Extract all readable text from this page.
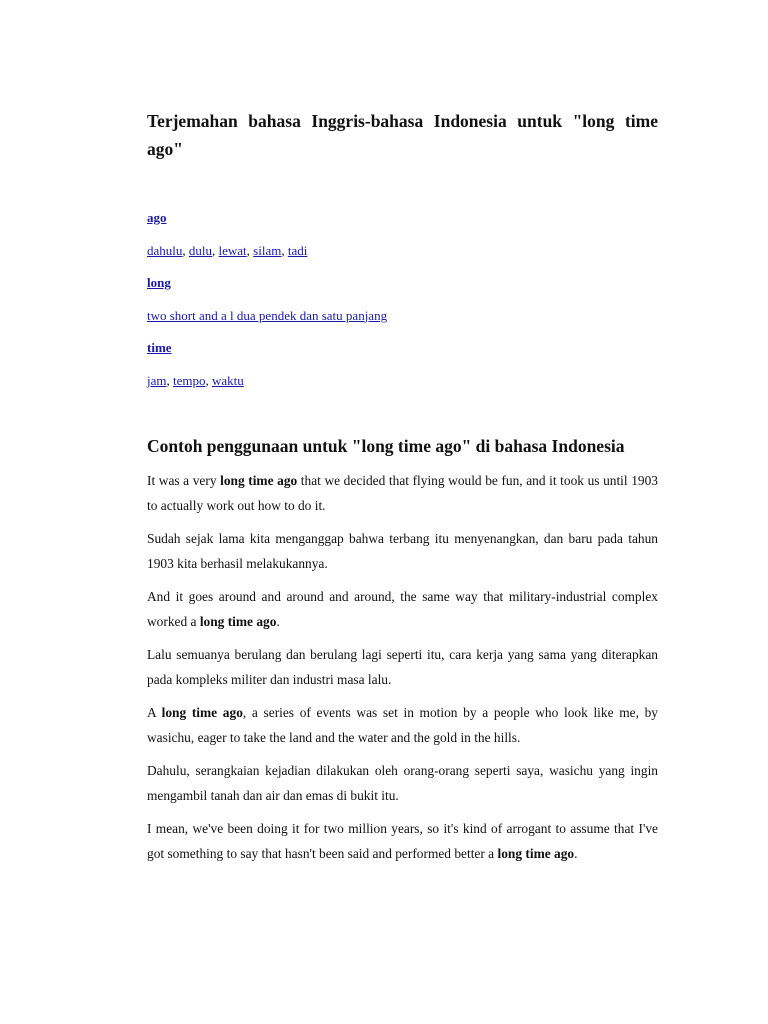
Terjemahan bahasa Inggris-bahasa Indonesia untuk "long time ago"
ago
dahulu, dulu, lewat, silam, tadi
long
two short and a l dua pendek dan satu panjang
time
jam, tempo, waktu
Contoh penggunaan untuk "long time ago" di bahasa Indonesia

It was a very long time ago that we decided that flying would be fun, and it took us until 1903 to actually work out how to do it.

Sudah sejak lama kita menganggap bahwa terbang itu menyenangkan, dan baru pada tahun 1903 kita berhasil melakukannya.

And it goes around and around and around, the same way that military-industrial complex worked a long time ago.

Lalu semuanya berulang dan berulang lagi seperti itu, cara kerja yang sama yang diterapkan pada kompleks militer dan industri masa lalu.

A long time ago, a series of events was set in motion by a people who look like me, by wasichu, eager to take the land and the water and the gold in the hills.

Dahulu, serangkaian kejadian dilakukan oleh orang-orang seperti saya, wasichu yang ingin mengambil tanah dan air dan emas di bukit itu.

I mean, we've been doing it for two million years, so it's kind of arrogant to assume that I've got something to say that hasn't been said and performed better a long time ago.
